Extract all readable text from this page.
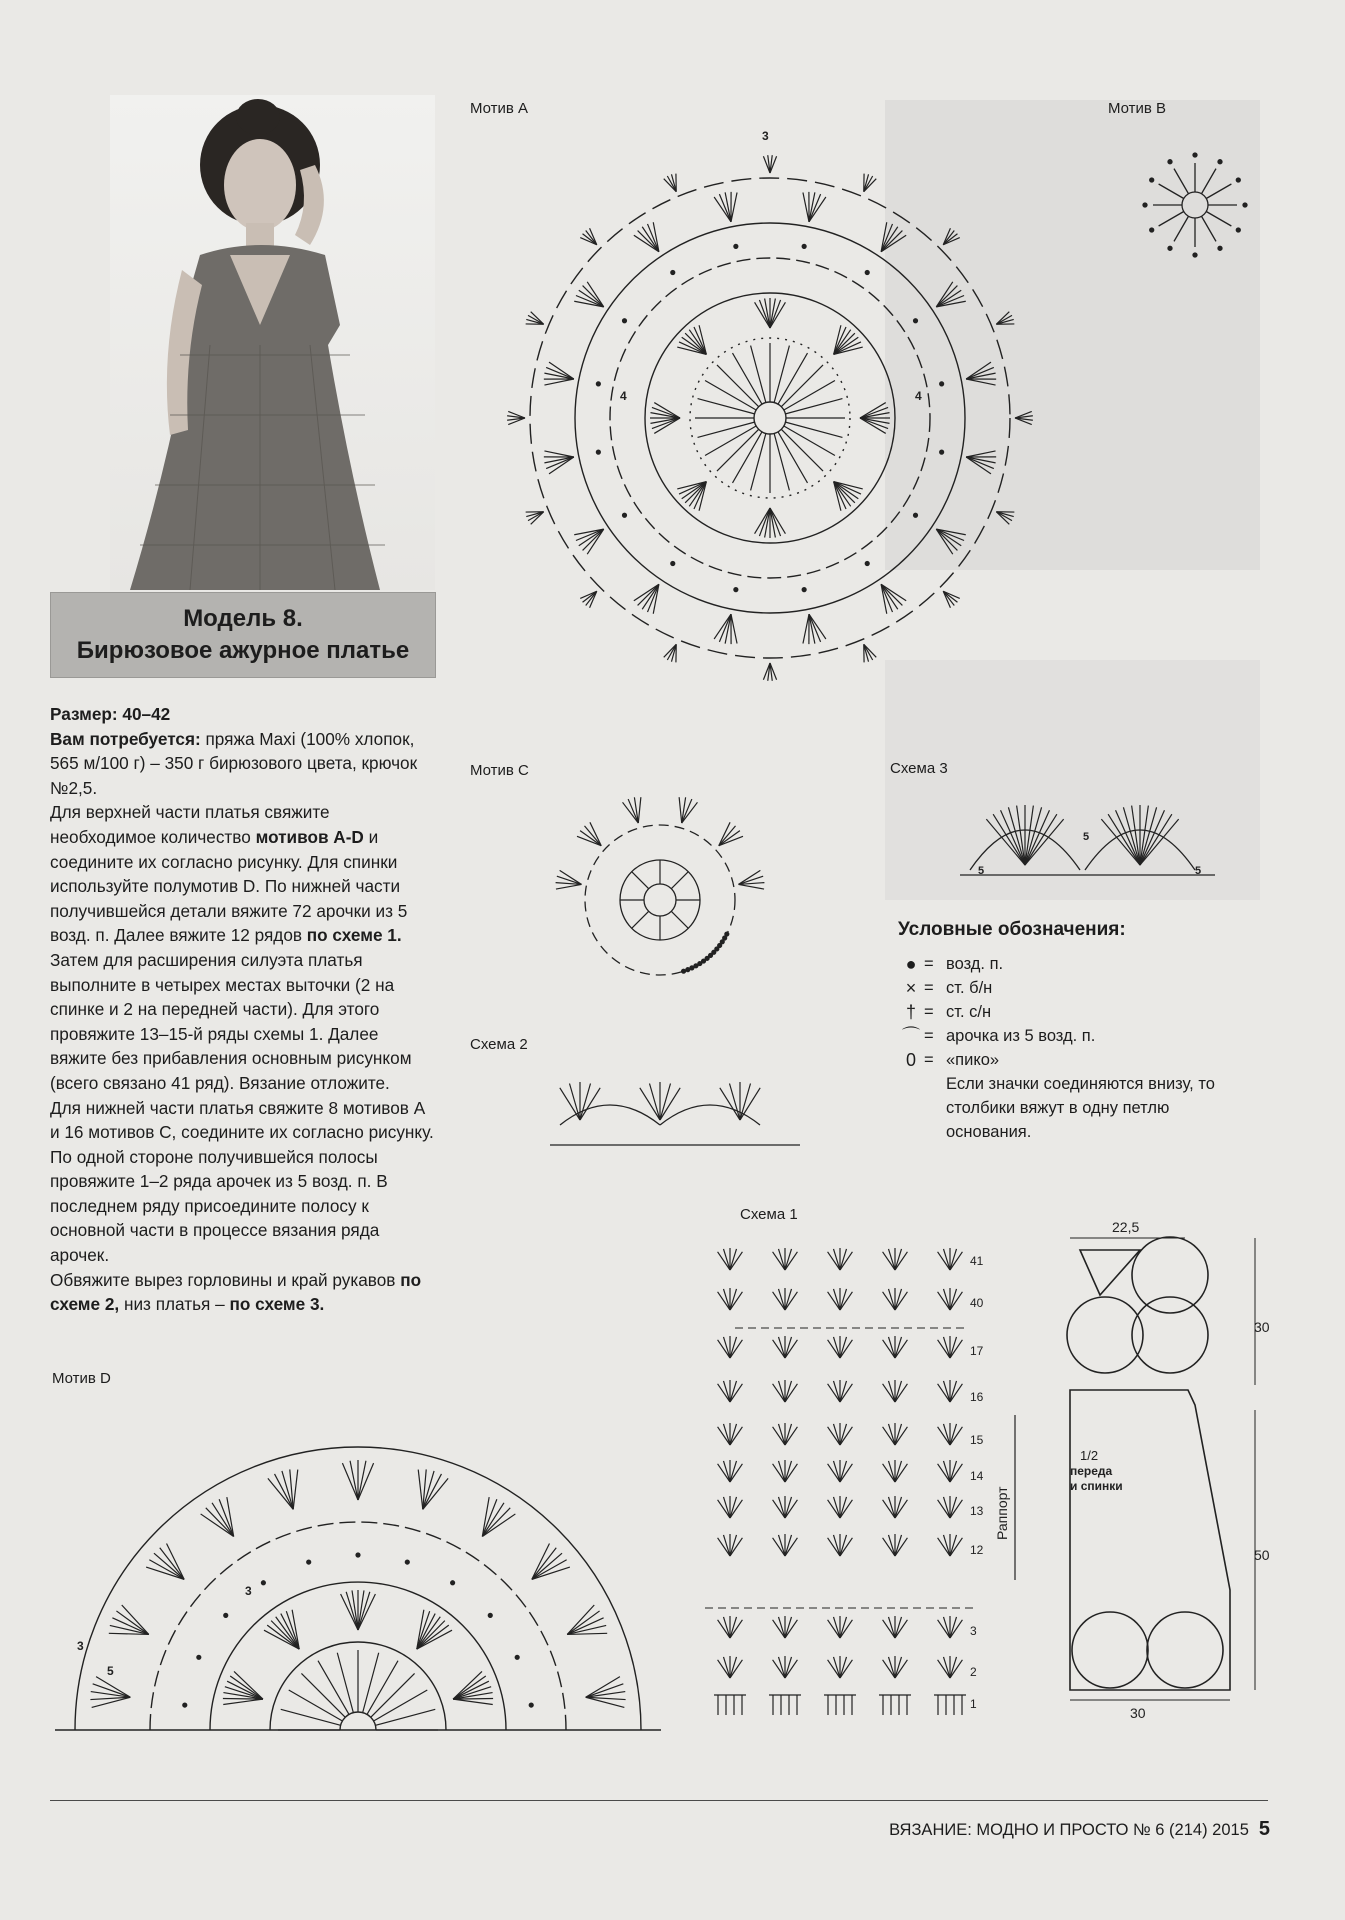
Модель 8.
Бирюзовое ажурное платье

Размер: 40–42

Вам потребуется: пряжа Maxi (100% хлопок, 565 м/100 г) – 350 г бирюзового цвета, крючок №2,5.

Для верхней части платья свяжите необходимое количество мотивов A-D и соедините их согласно рисунку. Для спинки используйте полумотив D. По нижней части получившейся детали вяжите 72 арочки из 5 возд. п. Далее вяжите 12 рядов по схеме 1. Затем для расширения силуэта платья выполните в четырех местах выточки (2 на спинке и 2 на передней части). Для этого провяжите 13–15-й ряды схемы 1. Далее вяжите без прибавления основным рисунком (всего связано 41 ряд). Вязание отложите.

Для нижней части платья свяжите 8 мотивов A и 16 мотивов C, соедините их согласно рисунку. По одной стороне получившейся полосы провяжите 1–2 ряда арочек из 5 возд. п. В последнем ряду присоедините полосу к основной части в процессе вязания ряда арочек.

Обвяжите вырез горловины и край рукавов по схеме 2, низ платья – по схеме 3.

Мотив А	Мотив В
Мотив С	Схема 3
Схема 2
Схема 1
Мотив D
3
4	4
5
5
5
Условные обозначения:
● = возд. п.
× = ст. б/н
† = ст. с/н
⌒ = арочка из 5 возд. п.
0 = «пико»
Если значки соединяются внизу, то столбики вяжут в одну петлю основания.
Раппорт
41
40
17
16
15
14
13
12
3
2
1
22,5
30
50
30
1/2
переда
и спинки
3
5
3
ВЯЗАНИЕ: МОДНО И ПРОСТО № 6 (214) 2015 5
